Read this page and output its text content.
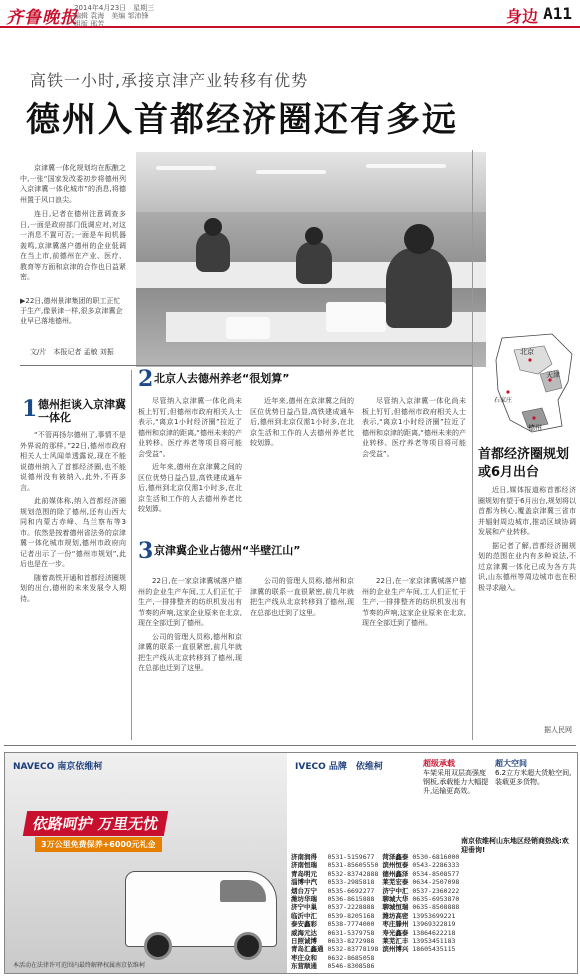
齐鲁晚报
2014年4月23日　星期三
编辑 袁海　美编 邹沛锋
组版 邢芳	身边 A11
高铁一小时,承接京津产业转移有优势
德州入首都经济圈还有多远

京津冀一体化规划均在酝酿之中,一张“国家发改委初步将德州列入京津冀一体化城市”的消息,将德州置于风口浪尖。

连日,记者在德州注意调查多日,一面是政府部门低调应对,对这一消息不置可否;一面是车间机器轰鸣,京津冀落户德州的企业低调在当上市,前德州在产业、医疗、教育等方面和京津的合作也日益紧密。

▶22日,德州景津集团的职工正忙于生产,像景津一样,很多京津冀企业早已落地德州。
文/片　本报记者 孟敏 刘振	北京
天津
石家庄
德州
首都经济圈规划或6月出台

近日,媒体报道称首都经济圈规划有望于6月出台,规划将以首都为核心,覆盖京津冀三省市并辐射周边城市,推动区域协调发展和产业转移。

据记者了解,首都经济圈规划的范围在业内有多种说法,不过京津冀一体化已成为各方共识,山东德州等周边城市也在积极寻求融入。

据人民网
1 德州拒谈入京津冀一体化

“不管再扬尔德州了,事情不是外界说的那样。”22日,德州市政府相关人士风闻单透露说,现在不能说德州纳入了首都经济圈,也不能说德州没有被纳入,此外,不再多言。

此前媒体称,纳入首都经济圈规划范围的除了德州,还有山西大同和内蒙古赤峰、乌兰察布等3市。依然是按着德州省法务的京津冀一体化城市规划,德州市政府向记者出示了一份“德州市规划”,此后也是在一步。

随着高铁开通和首都经济圈规划的出台,德州的未来发展令人期待。

2 北京人去德州养老“很划算”

尽管纳入京津冀一体化尚未板上钉钉,但德州市政府相关人士表示,“离京1小时经济圈”拉近了德州和京津的距离,“德州未来的产业转移、医疗养老等项目将可能会受益”。

近年来,德州在京津冀之间的区位优势日益凸显,高铁建成通车后,德州到北京仅需1小时多,在北京生活和工作的人去德州养老比较划算。

近年来,德州在京津冀之间的区位优势日益凸显,高铁建成通车后,德州到北京仅需1小时多,在北京生活和工作的人去德州养老比较划算。

尽管纳入京津冀一体化尚未板上钉钉,但德州市政府相关人士表示,“离京1小时经济圈”拉近了德州和京津的距离,“德州未来的产业转移、医疗养老等项目将可能会受益”。

3 京津冀企业占德州“半壁江山”

22日,在一家京津冀城落户德州的企业生产车间,工人们正忙于生产,一排排整齐的纺织机发出有节奏的声响,这家企业原来在北京,现在全部迁到了德州。

公司的管理人员称,德州和京津冀的联系一直很紧密,前几年就把生产线从北京转移到了德州,现在总部也迁到了这里。

公司的管理人员称,德州和京津冀的联系一直很紧密,前几年就把生产线从北京转移到了德州,现在总部也迁到了这里。

22日,在一家京津冀城落户德州的企业生产车间,工人们正忙于生产,一排排整齐的纺织机发出有节奏的声响,这家企业原来在北京,现在全部迁到了德州。

NAVECO 南京依维柯
依路呵护 万里无忧
3万公里免费保养+6000元礼金
本活动在法律许可范围内最终解释权属南京依维柯
IVECO 品牌　依维柯	超级承载
车架采用双层高强度钢板,承载能力大幅提升,运输更高效。
超大空间
6.2立方米超大货舱空间,装载更多货物。
南京依维柯山东地区经销商热线:欢迎垂询!
济南润得	0531-5159677	菏泽鑫泰	0530-6816000
济南恒瑞	0531-85605550	滨州恒泰	0543-2286333
青岛明元	0532-83742888	德州鑫泽	0534-8508577
淄博中汽	0533-2985818	莱芜宏泰	0634-2507098
烟台万宁	0535-6692277	济宁中汇	0537-2360222
潍坊华瑞	0536-8615888	聊城大华	0635-6953870
济宁中巢	0537-2228888	聊城恒瑞	0635-8508888
临沂中汇	0539-8205168	潍坊高密	13953699221
泰安鑫彩	0538-7774000	枣庄滕州	13969322819
威海元达	0631-5379758	寿光鑫泰	13864622218
日照诚博	0633-8272988	莱芜汇丰	13953451183
青岛汇鑫通	0532-83778198	滨州博兴	18605435115
枣庄众和	0632-8685058		
东营顺通	0546-8308586		
